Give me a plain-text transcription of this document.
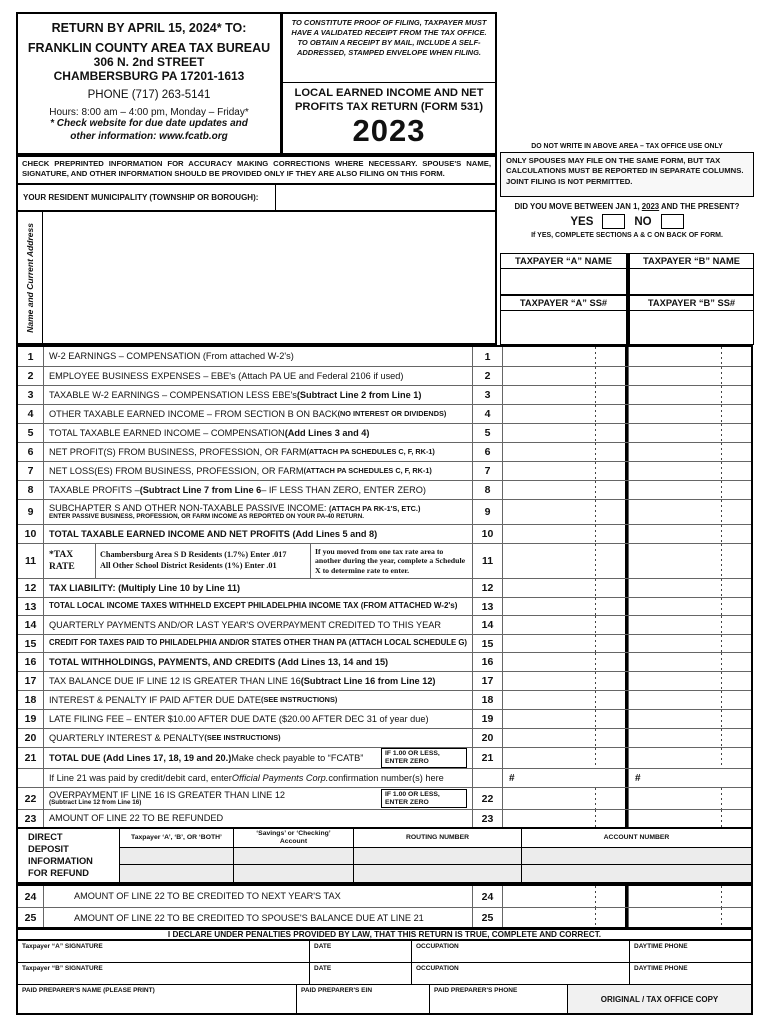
RETURN BY APRIL 15, 2024* TO:
FRANKLIN COUNTY AREA TAX BUREAU
306 N. 2nd STREET
CHAMBERSBURG PA 17201-1613
PHONE (717) 263-5141
Hours: 8:00 am – 4:00 pm, Monday – Friday*
* Check website for due date updates and
other information: www.fcatb.org
TO CONSTITUTE PROOF OF FILING, TAXPAYER MUST HAVE A VALIDATED RECEIPT FROM THE TAX OFFICE. TO OBTAIN A RECEIPT BY MAIL, INCLUDE A SELF-ADDRESSED, STAMPED ENVELOPE WHEN FILING.
LOCAL EARNED INCOME AND NET
PROFITS TAX RETURN (FORM 531)
2023	DO NOT WRITE IN ABOVE AREA – TAX OFFICE USE ONLY
CHECK PREPRINTED INFORMATION FOR ACCURACY MAKING CORRECTIONS WHERE NECESSARY. SPOUSE'S NAME, SIGNATURE, AND OTHER INFORMATION SHOULD BE PROVIDED ONLY IF THEY ARE ALSO FILING ON THIS FORM.
YOUR RESIDENT MUNICIPALITY (TOWNSHIP OR BOROUGH):
Name and Current Address
ONLY SPOUSES MAY FILE ON THE SAME FORM, BUT TAX CALCULATIONS MUST BE REPORTED IN SEPARATE COLUMNS. JOINT FILING IS NOT PERMITTED.
DID YOU MOVE BETWEEN JAN 1, 2023 AND THE PRESENT?
YES	NO
If YES, COMPLETE SECTIONS A & C ON BACK OF FORM.
TAXPAYER “A” NAME	TAXPAYER “B” NAME
TAXPAYER “A” SS#	TAXPAYER “B” SS#
1	W-2 EARNINGS – COMPENSATION (From attached W-2's)	1
2	EMPLOYEE BUSINESS EXPENSES – EBE's (Attach PA UE and Federal 2106 if used)	2
3	TAXABLE W-2 EARNINGS – COMPENSATION LESS EBE's (Subtract Line 2 from Line 1)	3
4	OTHER TAXABLE EARNED INCOME – FROM SECTION B ON BACK (NO INTEREST OR DIVIDENDS)	4
5	TOTAL TAXABLE EARNED INCOME – COMPENSATION (Add Lines 3 and 4)	5
6	NET PROFIT(S) FROM BUSINESS, PROFESSION, OR FARM (ATTACH PA SCHEDULES C, F, RK-1)	6
7	NET LOSS(ES) FROM BUSINESS, PROFESSION, OR FARM (ATTACH PA SCHEDULES C, F, RK-1)	7
8	TAXABLE PROFITS – (Subtract Line 7 from Line 6 – IF LESS THAN ZERO, ENTER ZERO)	8
9	SUBCHAPTER S AND OTHER NON-TAXABLE PASSIVE INCOME: (ATTACH PA RK-1'S, ETC.)
ENTER PASSIVE BUSINESS, PROFESSION, OR FARM INCOME AS REPORTED ON YOUR PA-40 RETURN.	9
10	TOTAL TAXABLE EARNED INCOME AND NET PROFITS (Add Lines 5 and 8)	10
11
*TAX
RATE
Chambersburg Area S D Residents (1.7%) Enter .017
All Other School District Residents (1%) Enter .01
If you moved from one tax rate area to another during the year, complete a Schedule X to determine rate to enter.
11
12	TAX LIABILITY: (Multiply Line 10 by Line 11)	12
13	TOTAL LOCAL INCOME TAXES WITHHELD EXCEPT PHILADELPHIA INCOME TAX (FROM ATTACHED W-2's)	13
14	QUARTERLY PAYMENTS AND/OR LAST YEAR'S OVERPAYMENT CREDITED TO THIS YEAR	14
15	CREDIT FOR TAXES PAID TO PHILADELPHIA AND/OR STATES OTHER THAN PA (ATTACH LOCAL SCHEDULE G)	15
16	TOTAL WITHHOLDINGS, PAYMENTS, AND CREDITS (Add Lines 13, 14 and 15)	16
17	TAX BALANCE DUE IF LINE 12 IS GREATER THAN LINE 16 (Subtract Line 16 from Line 12)	17
18	INTEREST & PENALTY IF PAID AFTER DUE DATE (SEE INSTRUCTIONS)	18
19	LATE FILING FEE – ENTER $10.00 AFTER DUE DATE ($20.00 AFTER DEC 31 of year due)	19
20	QUARTERLY INTEREST & PENALTY (SEE INSTRUCTIONS)	20
21	TOTAL DUE (Add Lines 17, 18, 19 and 20.) Make check payable to “FCATB”	IF 1.00 OR LESS, ENTER ZERO	21
If Line 21 was paid by credit/debit card, enter Official Payments Corp. confirmation number(s) here	#	#
22	OVERPAYMENT IF LINE 16 IS GREATER THAN LINE 12
(Subtract Line 12 from Line 16)
IF 1.00 OR LESS, ENTER ZERO	22
23	AMOUNT OF LINE 22 TO BE REFUNDED	23
DIRECT
DEPOSIT
INFORMATION
FOR REFUND
Taxpayer ‘A’, ‘B’, OR ‘BOTH’
‘Savings’ or ‘Checking’
Account
ROUTING NUMBER	ACCOUNT NUMBER
24	AMOUNT OF LINE 22 TO BE CREDITED TO NEXT YEAR'S TAX	24
25	AMOUNT OF LINE 22 TO BE CREDITED TO SPOUSE'S BALANCE DUE AT LINE 21	25
I DECLARE UNDER PENALTIES PROVIDED BY LAW, THAT THIS RETURN IS TRUE, COMPLETE AND CORRECT.
Taxpayer “A” SIGNATURE	DATE	OCCUPATION	DAYTIME PHONE
Taxpayer “B” SIGNATURE	DATE	OCCUPATION	DAYTIME PHONE
PAID PREPARER'S NAME (PLEASE PRINT)	PAID PREPARER'S EIN	PAID PREPARER'S PHONE
ORIGINAL / TAX OFFICE COPY
